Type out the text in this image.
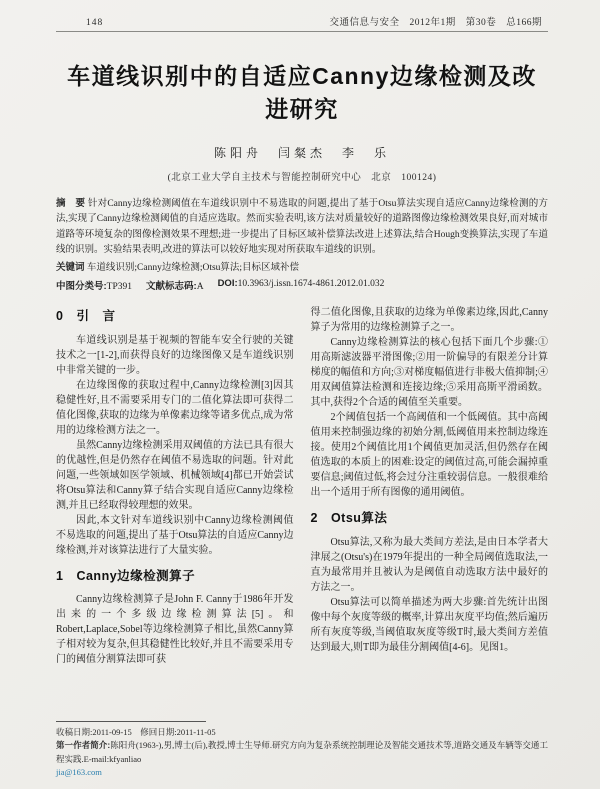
148	交通信息与安全　2012年1期　第30卷　总166期
车道线识别中的自适应Canny边缘检测及改进研究
陈阳舟　闫粲杰　李　乐
(北京工业大学自主技术与智能控制研究中心　北京　100124)
摘　要 针对Canny边缘检测阈值在车道线识别中不易选取的问题,提出了基于Otsu算法实现自适应Canny边缘检测的方法,实现了Canny边缘检测阈值的自适应选取。然而实验表明,该方法对质量较好的道路图像边缘检测效果良好,而对城市道路等环境复杂的图像检测效果不理想;进一步提出了目标区域补偿算法改进上述算法,结合Hough变换算法,实现了车道线的识别。实验结果表明,改进的算法可以较好地实现对所获取车道线的识别。
关键词 车道线识别;Canny边缘检测;Otsu算法;目标区域补偿
中图分类号:TP391 文献标志码:A DOI:10.3963/j.issn.1674-4861.2012.01.032
0　引　言

车道线识别是基于视频的智能车安全行驶的关键技术之一[1-2],而获得良好的边缘图像又是车道线识别中非常关键的一步。

在边缘图像的获取过程中,Canny边缘检测[3]因其稳健性好,且不需要采用专门的二值化算法即可获得二值化图像,获取的边缘为单像素边缘等诸多优点,成为常用的边缘检测方法之一。

虽然Canny边缘检测采用双阈值的方法已具有很大的优越性,但是仍然存在阈值不易选取的问题。针对此问题,一些领域如医学领域、机械领域[4]都已开始尝试将Otsu算法和Canny算子结合实现自适应Canny边缘检测,并且已经取得较理想的效果。

因此,本文针对车道线识别中Canny边缘检测阈值不易选取的问题,提出了基于Otsu算法的自适应Canny边缘检测,并对该算法进行了大量实验。

1　Canny边缘检测算子

Canny边缘检测算子是John F. Canny于1986年开发出来的一个多级边缘检测算法[5]。和Robert,Laplace,Sobel等边缘检测算子相比,虽然Canny算子相对较为复杂,但其稳健性比较好,并且不需要采用专门的阈值分割算法即可获

得二值化图像,且获取的边缘为单像素边缘,因此,Canny算子为常用的边缘检测算子之一。

Canny边缘检测算法的核心包括下面几个步骤:①用高斯滤波器平滑图像;②用一阶偏导的有限差分计算梯度的幅值和方向;③对梯度幅值进行非极大值抑制;④用双阈值算法检测和连接边缘;⑤采用高斯平滑函数。其中,获得2个合适的阈值至关重要。

2个阈值包括一个高阈值和一个低阈值。其中高阈值用来控制强边缘的初始分割,低阈值用来控制边缘连接。使用2个阈值比用1个阈值更加灵活,但仍然存在阈值选取的本质上的困难:设定的阈值过高,可能会漏掉重要信息;阈值过低,将会过分注重较弱信息。一般很难给出一个适用于所有图像的通用阈值。

2　Otsu算法

Otsu算法,又称为最大类间方差法,是由日本学者大津展之(Otsu's)在1979年提出的一种全局阈值选取法,一直为最常用并且被认为是阈值自动选取方法中最好的方法之一。

Otsu算法可以简单描述为两大步骤:首先统计出图像中每个灰度等级的概率,计算出灰度平均值;然后遍历所有灰度等级,当阈值取灰度等级T时,最大类间方差值达到最大,则T即为最佳分割阈值[4-6]。见图1。

收稿日期:2011-09-15　修回日期:2011-11-05
第一作者简介:陈阳舟(1963-),男,博士(后),教授,博士生导师.研究方向为复杂系统控制理论及智能交通技术等,道路交通及车辆等交通工程实践.E-mail:kfyanliao
jia@163.com
